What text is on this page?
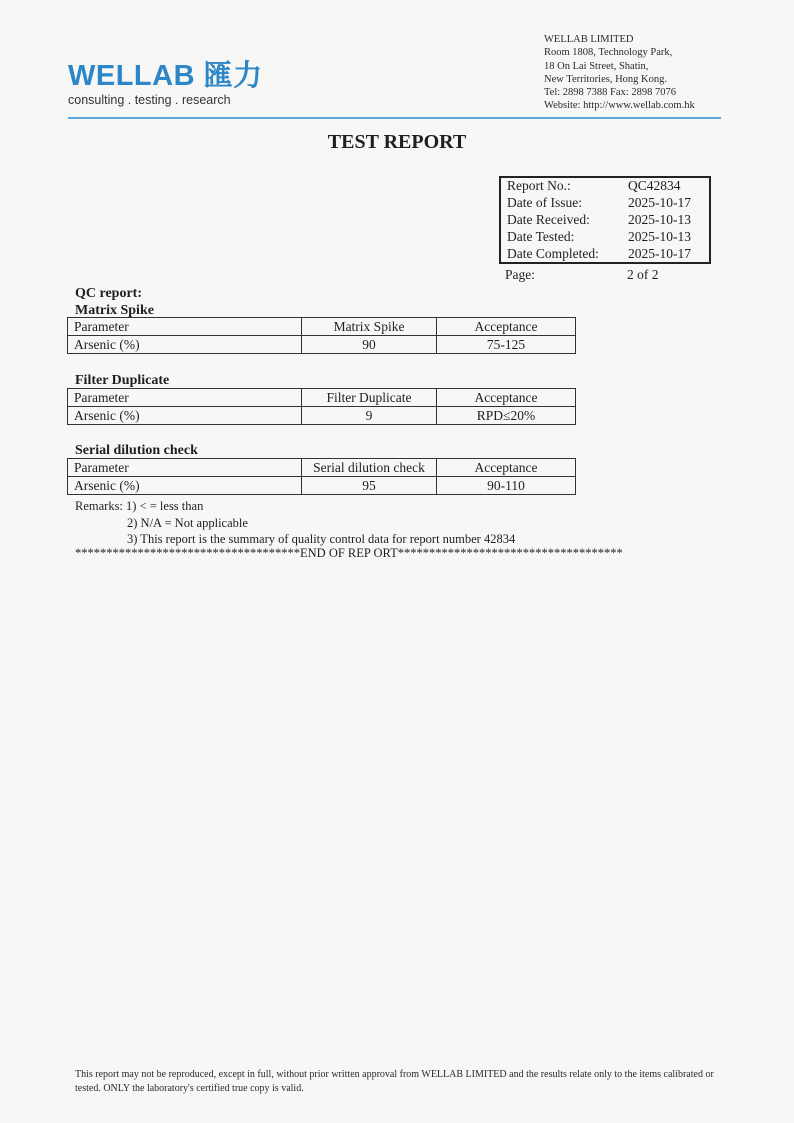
WELLAB 匯力
consulting . testing . research
WELLAB LIMITED
Room 1808, Technology Park,
18 On Lai Street, Shatin,
New Territories, Hong Kong.
Tel: 2898 7388 Fax: 2898 7076
Website: http://www.wellab.com.hk
TEST REPORT
Report No.:	QC42834
Date of Issue:	2025-10-17
Date Received:	2025-10-13
Date Tested:	2025-10-13
Date Completed: 2025-10-17
Page:	2 of 2
QC report:
Matrix Spike
Parameter	Matrix Spike	Acceptance
Arsenic (%)	90	75-125
Filter Duplicate
Parameter	Filter Duplicate	Acceptance
Arsenic (%)	9	RPD≤20%
Serial dilution check
Parameter	Serial dilution check	Acceptance
Arsenic (%)	95	90-110
Remarks: 1) < = less than
2) N/A = Not applicable
3) This report is the summary of quality control data for report number 42834
************************************END OF REP ORT************************************
This report may not be reproduced, except in full, without prior written approval from WELLAB LIMITED and the results relate only to the items calibrated or tested. ONLY the laboratory's certified true copy is valid.
